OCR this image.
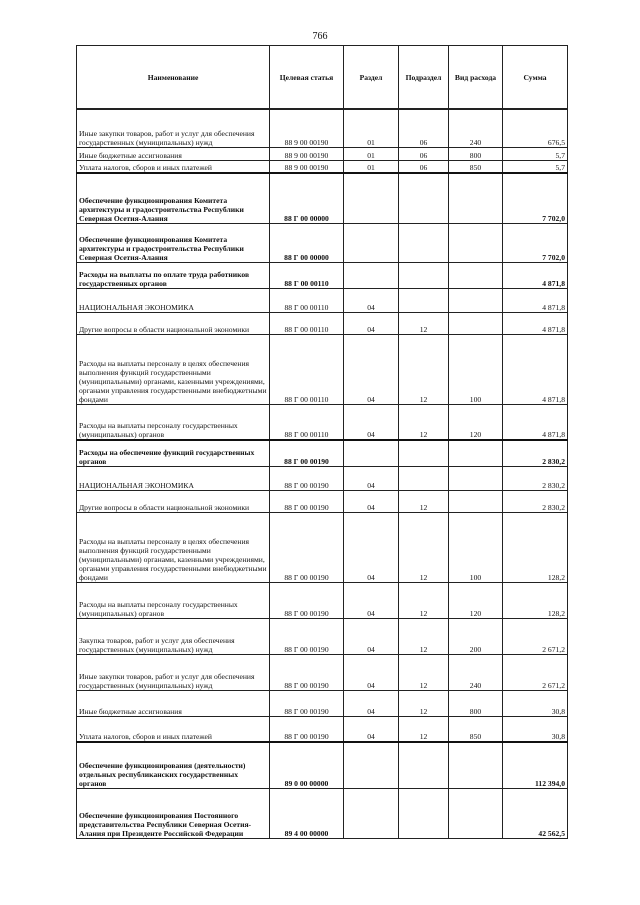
766
Наименование	Целевая статья	Раздел	Подраздел	Вид расхода	Сумма
Иные закупки товаров, работ и услуг для обеспечения государственных (муниципальных) нужд	88 9 00 00190	01	06	240	676,5
Иные бюджетные ассигнования	88 9 00 00190	01	06	800	5,7
Уплата налогов, сборов и иных платежей	88 9 00 00190	01	06	850	5,7
Обеспечение функционирования Комитета архитектуры и градостроительства Республики Северная Осетия-Алания	88 Г 00 00000				7 702,0
Обеспечение функционирования Комитета архитектуры и градостроительства Республики Северная Осетия-Алания	88 Г 00 00000				7 702,0
Расходы на выплаты по оплате труда работников государственных органов	88 Г 00 00110				4 871,8
НАЦИОНАЛЬНАЯ ЭКОНОМИКА	88 Г 00 00110	04			4 871,8
Другие вопросы в области национальной экономики	88 Г 00 00110	04	12		4 871,8
Расходы на выплаты персоналу в целях обеспечения выполнения функций государственными (муниципальными) органами, казенными учреждениями, органами управления государственными внебюджетными фондами	88 Г 00 00110	04	12	100	4 871,8
Расходы на выплаты персоналу государственных (муниципальных) органов	88 Г 00 00110	04	12	120	4 871,8
Расходы на обеспечение функций государственных органов	88 Г 00 00190				2 830,2
НАЦИОНАЛЬНАЯ ЭКОНОМИКА	88 Г 00 00190	04			2 830,2
Другие вопросы в области национальной экономики	88 Г 00 00190	04	12		2 830,2
Расходы на выплаты персоналу в целях обеспечения выполнения функций государственными (муниципальными) органами, казенными учреждениями, органами управления государственными внебюджетными фондами	88 Г 00 00190	04	12	100	128,2
Расходы на выплаты персоналу государственных (муниципальных) органов	88 Г 00 00190	04	12	120	128,2
Закупка товаров, работ и услуг для обеспечения государственных (муниципальных) нужд	88 Г 00 00190	04	12	200	2 671,2
Иные закупки товаров, работ и услуг для обеспечения государственных (муниципальных) нужд	88 Г 00 00190	04	12	240	2 671,2
Иные бюджетные ассигнования	88 Г 00 00190	04	12	800	30,8
Уплата налогов, сборов и иных платежей	88 Г 00 00190	04	12	850	30,8
Обеспечение функционирования (деятельности) отдельных республиканских государственных органов	89 0 00 00000				112 394,0
Обеспечение функционирования Постоянного представительства Республики Северная Осетия-Алания при Президенте Российской Федерации	89 4 00 00000				42 562,5
